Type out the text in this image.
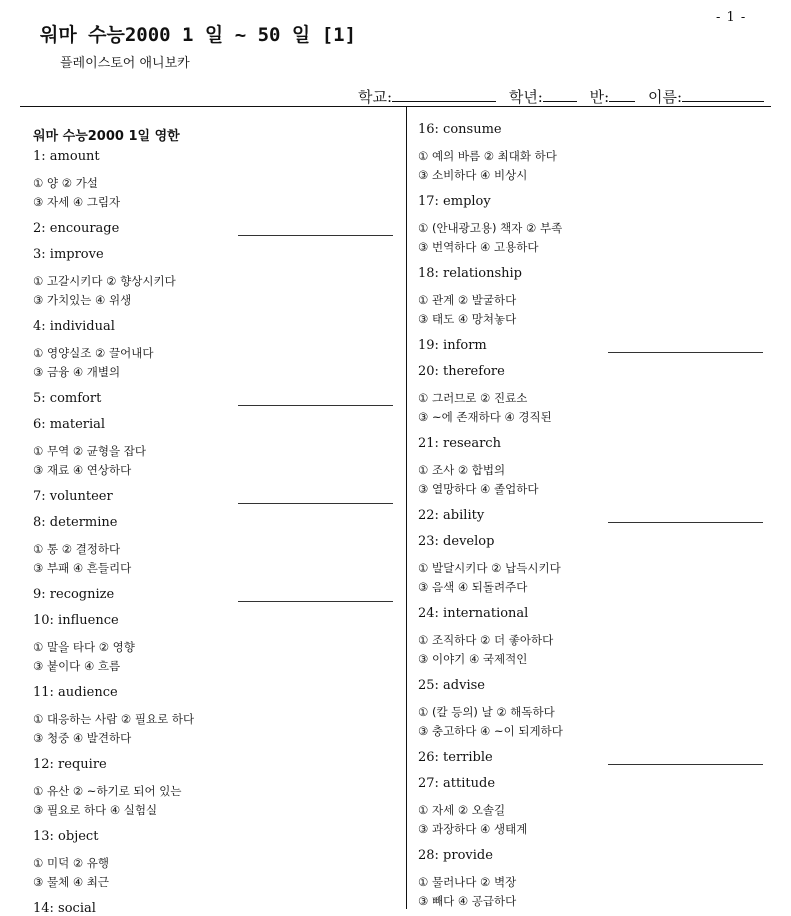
- 1 -
워마 수능2000 1 일 ~ 50 일 [1]
플레이스토어 애니보카
학교:	학년:	반:	이름:
워마 수능2000 1일 영한
1: amount
① 양 ② 가설
③ 자세 ④ 그림자
2: encourage
3: improve
① 고갈시키다 ② 향상시키다
③ 가치있는 ④ 위생
4: individual
① 영양실조 ② 끌어내다
③ 금융 ④ 개별의
5: comfort
6: material
① 무역 ② 균형을 잡다
③ 재료 ④ 연상하다
7: volunteer
8: determine
① 통 ② 결정하다
③ 부패 ④ 흔들리다
9: recognize
10: influence
① 말을 타다 ② 영향
③ 붙이다 ④ 흐름
11: audience
① 대응하는 사람 ② 필요로 하다
③ 청중 ④ 발견하다
12: require
① 유산 ② ~하기로 되어 있는
③ 필요로 하다 ④ 실험실
13: object
① 미덕 ② 유행
③ 물체 ④ 최근
14: social
16: consume
① 예의 바름 ② 최대화 하다
③ 소비하다 ④ 비상시
17: employ
① (안내광고용) 책자 ② 부족
③ 번역하다 ④ 고용하다
18: relationship
① 관계 ② 발굴하다
③ 태도 ④ 망쳐놓다
19: inform
20: therefore
① 그러므로 ② 진료소
③ ~에 존재하다 ④ 경직된
21: research
① 조사 ② 합법의
③ 열망하다 ④ 졸업하다
22: ability
23: develop
① 발달시키다 ② 납득시키다
③ 음색 ④ 되돌려주다
24: international
① 조직하다 ② 더 좋아하다
③ 이야기 ④ 국제적인
25: advise
① (칼 등의) 날 ② 해독하다
③ 충고하다 ④ ~이 되게하다
26: terrible
27: attitude
① 자세 ② 오솔길
③ 과장하다 ④ 생태계
28: provide
① 물러나다 ② 벽장
③ 빼다 ④ 공급하다
